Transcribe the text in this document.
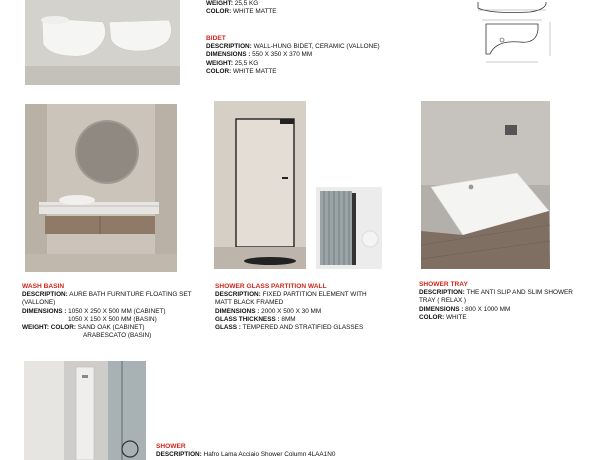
WEIGHT: 25,5 KG
COLOR: WHITE MATTE
BIDET
DESCRIPTION: WALL-HUNG BIDET, CERAMIC (VALLONE)
DIMENSIONS : 550 X 350 X 370 MM
WEIGHT: 25,5 KG
COLOR: WHITE MATTE
WASH BASIN
DESCRIPTION: AURE BATH FURNITURE FLOATING SET (VALLONE)
DIMENSIONS : 1050 X 250 X 500 MM (CABINET)
1050 X 150 X 500 MM (BASIN)
WEIGHT: COLOR: SAND OAK (CABINET)
ARABESCATO (BASIN)
SHOWER GLASS PARTITION WALL
DESCRIPTION: FIXED PARTITION ELEMENT WITH MATT BLACK FRAMED
DIMENSIONS : 2000 X 500 X 30 MM
GLASS THICKNESS : 8MM
GLASS : TEMPERED AND STRATIFIED GLASSES
SHOWER TRAY
DESCRIPTION: THE ANTI SLIP AND SLIM SHOWER TRAY ( RELAX )
DIMENSIONS : 800 X 1000 MM
COLOR: WHITE
SHOWER
DESCRIPTION: Hafro Lama Acciaio Shower Column 4LAA1N0
